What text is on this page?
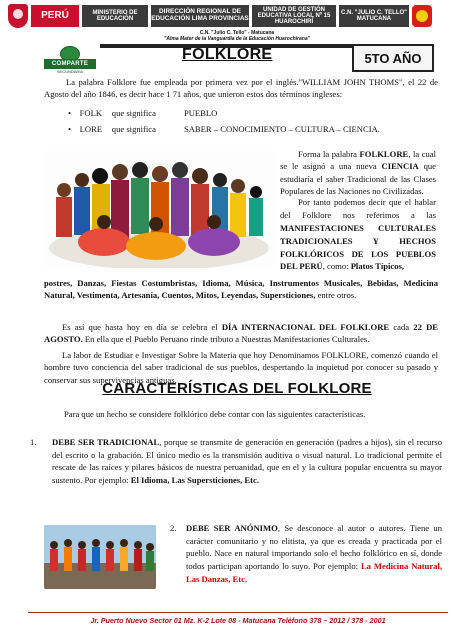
PERÚ	MINISTERIO DE EDUCACIÓN
DIRECCIÓN REGIONAL DE EDUCACIÓN LIMA PROVINCIAS
UNIDAD DE GESTIÓN EDUCATIVA LOCAL Nº 15 HUAROCHIRÍ
C.N. "JULIO C. TELLO" MATUCANA
C.N. "Julio C. Tello" - Matucana
"Alma Mater de la Vanguardia de la Educación Huarochirana"
COMPARTE
SECUNDARIA
FOLKLORE	5TO AÑO
La palabra Folklore fue empleada por primera vez por el inglés."WILLIAM JOHN THOMS", el 22 de Agosto del año 1846, es decir hace 1 71 años, que unieron estos dos términos ingleses:
•    FOLK que significa	PUEBLO
•    LORE que significa	SABER – CONOCIMIENTO – CULTURA – CIENCIA.
Forma la palabra FOLKLORE, la cual se le asignó a una nueva CIENCIA que estudiaría el saber Tradicional de las Clases Populares de las Naciones no Civilizadas.
Por tanto podemos decir que el hablar del Folklore nos referimos a las MANIFESTACIONES CULTURALES TRADICIONALES Y HECHOS FOLKLÓRICOS DE LOS PUEBLOS DEL PERÚ, como: Platos Típicos,
postres, Danzas, Fiestas Costumbristas, Idioma, Música, Instrumentos Musicales, Bebidas, Medicina Natural, Vestimenta, Artesanía, Cuentos, Mitos, Leyendas, Supersticiones, entre otros.
Es así que hasta hoy en día se celebra el DÍA INTERNACIONAL DEL FOLKLORE cada 22 DE AGOSTO. En ella que el Pueblo Peruano rinde tributo a Nuestras Manifestaciones Culturales.
La labor de Estudiar e Investigar Sobre la Materia que hoy Denominamos FOLKLORE, comenzó cuando el hombre tuvo conciencia del saber tradicional de sus pueblos, despertando la inquietud por conocer su pasado y conservar sus supervivencias antiguas.
CARACTERÍSTICAS DEL FOLKLORE
Para que un hecho se considere folklórico debe contar con las siguientes características.
1.	DEBE SER TRADICIONAL, porque se transmite de generación en generación (padres a hijos), sin el recurso del escrito o la grabación. El único medio es la transmisión auditiva o visual natural. Lo tradicional permite el rescate de las raíces y pilares básicos de nuestra peruanidad, que en el y la cultura popular encuentra su mayor sustento. Por ejemplo: El Idioma, Las Supersticiones, Etc.
2.	DEBE SER ANÓNIMO, Se desconoce al autor o autores. Tiene un carácter comunitario y no elitista, ya que es creada y practicada por el pueblo. Nace en natural importando solo el hecho folklórico en sí, donde todos participan aportando lo suyo. Por ejemplo: La Medicina Natural, Las Danzas, Etc.
Jr. Puerto Nuevo Sector 01 Mz. K-2 Lote 08 - Matucana Teléfono 378 – 2012 / 378 - 2001
